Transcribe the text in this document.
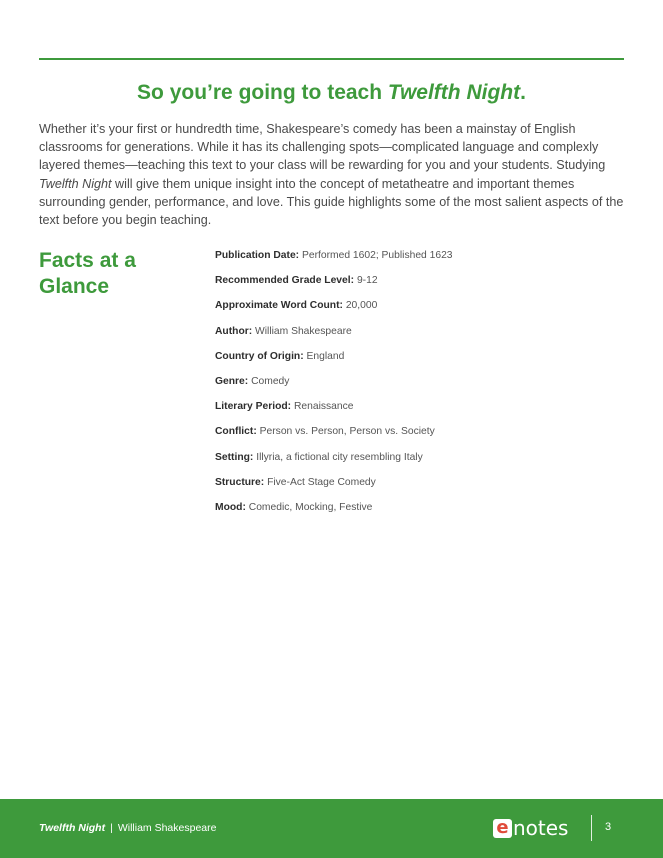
So you’re going to teach Twelfth Night.

Whether it’s your first or hundredth time, Shakespeare’s comedy has been a mainstay of English classrooms for generations. While it has its challenging spots—complicated language and complexly layered themes—teaching this text to your class will be rewarding for you and your students. Studying Twelfth Night will give them unique insight into the concept of metatheatre and important themes surrounding gender, performance, and love. This guide highlights some of the most salient aspects of the text before you begin teaching.

Facts at a Glance
Publication Date: Performed 1602; Published 1623
Recommended Grade Level: 9-12
Approximate Word Count: 20,000
Author: William Shakespeare
Country of Origin: England
Genre: Comedy
Literary Period: Renaissance
Conflict: Person vs. Person, Person vs. Society
Setting: Illyria, a fictional city resembling Italy
Structure: Five-Act Stage Comedy
Mood: Comedic, Mocking, Festive
Twelfth Night | William Shakespeare	e notes	3
